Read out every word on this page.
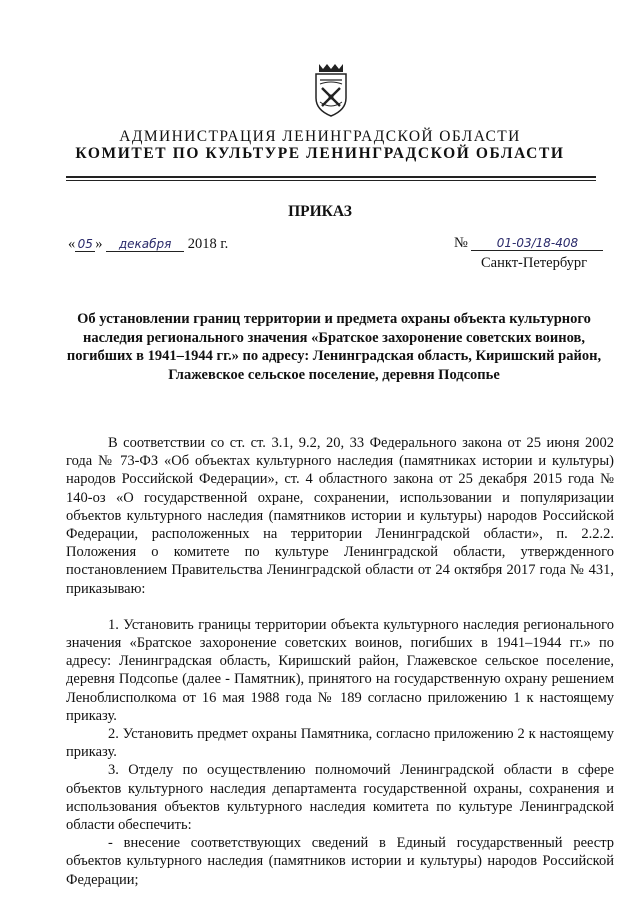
АДМИНИСТРАЦИЯ ЛЕНИНГРАДСКОЙ ОБЛАСТИ
КОМИТЕТ ПО КУЛЬТУРЕ ЛЕНИНГРАДСКОЙ ОБЛАСТИ
ПРИКАЗ
« 05 » декабря 2018 г.	№ 01-03/18-408
Санкт-Петербург
Об установлении границ территории и предмета охраны объекта культурного наследия регионального значения «Братское захоронение советских воинов, погибших в 1941–1944 гг.» по адресу: Ленинградская область, Киришский район, Глажевское сельское поселение, деревня Подсопье

В соответствии со ст. ст. 3.1, 9.2, 20, 33 Федерального закона от 25 июня 2002 года № 73-ФЗ «Об объектах культурного наследия (памятниках истории и культуры) народов Российской Федерации», ст. 4 областного закона от 25 декабря 2015 года № 140-оз «О государственной охране, сохранении, использовании и популяризации объектов культурного наследия (памятников истории и культуры) народов Российской Федерации, расположенных на территории Ленинградской области», п. 2.2.2. Положения о комитете по культуре Ленинградской области, утвержденного постановлением Правительства Ленинградской области от 24 октября 2017 года № 431, приказываю:

1. Установить границы территории объекта культурного наследия регионального значения «Братское захоронение советских воинов, погибших в 1941–1944 гг.» по адресу: Ленинградская область, Киришский район, Глажевское сельское поселение, деревня Подсопье (далее - Памятник), принятого на государственную охрану решением Леноблисполкома от 16 мая 1988 года № 189 согласно приложению 1 к настоящему приказу.

2. Установить предмет охраны Памятника, согласно приложению 2 к настоящему приказу.

3. Отделу по осуществлению полномочий Ленинградской области в сфере объектов культурного наследия департамента государственной охраны, сохранения и использования объектов культурного наследия комитета по культуре Ленинградской области обеспечить:

- внесение соответствующих сведений в Единый государственный реестр объектов культурного наследия (памятников истории и культуры) народов Российской Федерации;
